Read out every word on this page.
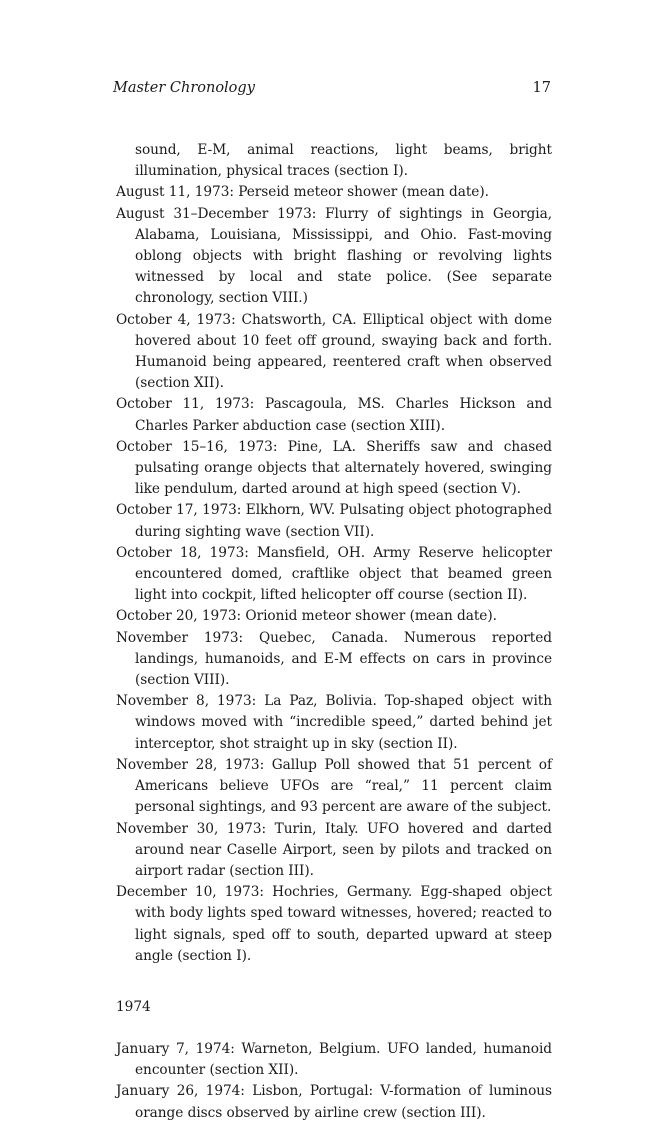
Master Chronology	17

sound, E-M, animal reactions, light beams, bright illumination, physical traces (section I).

August 11, 1973: Perseid meteor shower (mean date).

August 31–December 1973: Flurry of sightings in Georgia, Alabama, Louisiana, Mississippi, and Ohio. Fast-moving oblong objects with bright flashing or revolving lights witnessed by local and state police. (See separate chronology, section VIII.)

October 4, 1973: Chatsworth, CA. Elliptical object with dome hovered about 10 feet off ground, swaying back and forth. Humanoid being appeared, reentered craft when observed (section XII).

October 11, 1973: Pascagoula, MS. Charles Hickson and Charles Parker abduction case (section XIII).

October 15–16, 1973: Pine, LA. Sheriffs saw and chased pulsating orange objects that alternately hovered, swinging like pendulum, darted around at high speed (section V).

October 17, 1973: Elkhorn, WV. Pulsating object photographed during sighting wave (section VII).

October 18, 1973: Mansfield, OH. Army Reserve helicopter encountered domed, craftlike object that beamed green light into cockpit, lifted helicopter off course (section II).

October 20, 1973: Orionid meteor shower (mean date).

November 1973: Quebec, Canada. Numerous reported landings, humanoids, and E-M effects on cars in province (section VIII).

November 8, 1973: La Paz, Bolivia. Top-shaped object with windows moved with “incredible speed,” darted behind jet interceptor, shot straight up in sky (section II).

November 28, 1973: Gallup Poll showed that 51 percent of Americans believe UFOs are “real,” 11 percent claim personal sightings, and 93 percent are aware of the subject.

November 30, 1973: Turin, Italy. UFO hovered and darted around near Caselle Airport, seen by pilots and tracked on airport radar (section III).

December 10, 1973: Hochries, Germany. Egg-shaped object with body lights sped toward witnesses, hovered; reacted to light signals, sped off to south, departed upward at steep angle (section I).

1974

January 7, 1974: Warneton, Belgium. UFO landed, humanoid encounter (section XII).

January 26, 1974: Lisbon, Portugal: V-formation of luminous orange discs observed by airline crew (section III).
